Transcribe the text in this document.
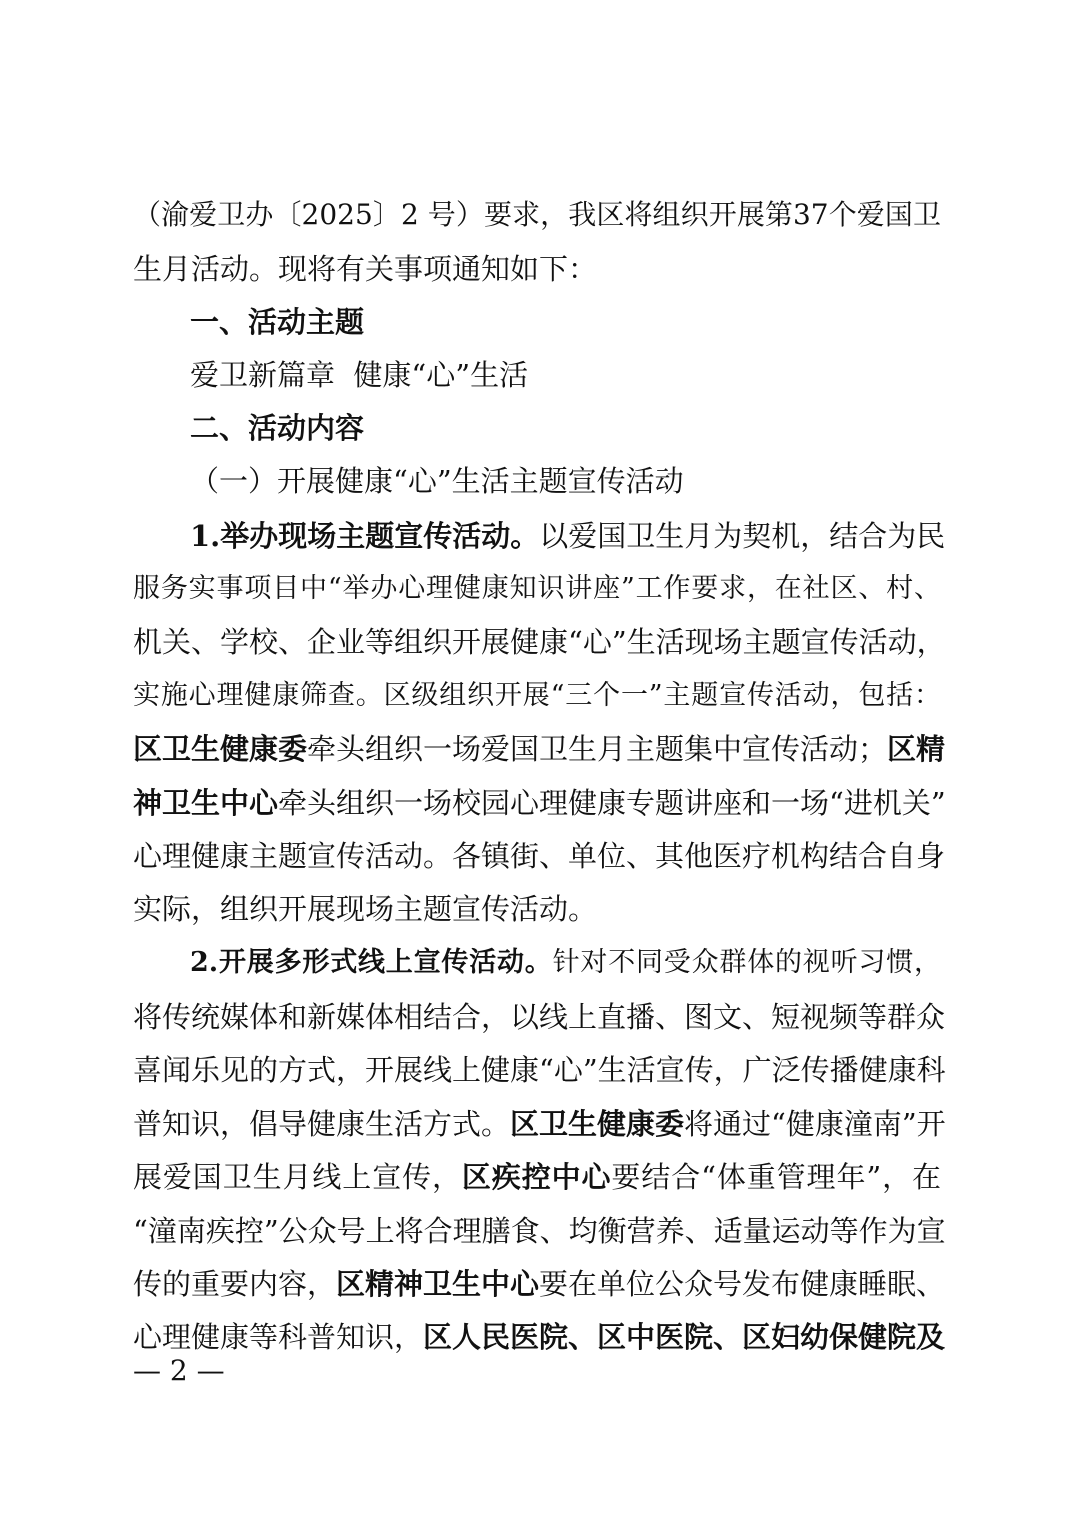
（渝爱卫办〔2025〕2 号）要求，我区将组织开展第37个爱国卫
生月活动。现将有关事项通知如下：
一、活动主题
爱卫新篇章  健康“心”生活
二、活动内容
（一）开展健康“心”生活主题宣传活动
1.举办现场主题宣传活动。以爱国卫生月为契机，结合为民
服务实事项目中“举办心理健康知识讲座”工作要求，在社区、村、
机关、学校、企业等组织开展健康“心”生活现场主题宣传活动，
实施心理健康筛查。区级组织开展“三个一”主题宣传活动，包括：
区卫生健康委牵头组织一场爱国卫生月主题集中宣传活动；区精
神卫生中心牵头组织一场校园心理健康专题讲座和一场“进机关”
心理健康主题宣传活动。各镇街、单位、其他医疗机构结合自身
实际，组织开展现场主题宣传活动。
2.开展多形式线上宣传活动。针对不同受众群体的视听习惯，
将传统媒体和新媒体相结合，以线上直播、图文、短视频等群众
喜闻乐见的方式，开展线上健康“心”生活宣传，广泛传播健康科
普知识，倡导健康生活方式。区卫生健康委将通过“健康潼南”开
展爱国卫生月线上宣传，区疾控中心要结合“体重管理年”，在
“潼南疾控”公众号上将合理膳食、均衡营养、适量运动等作为宣
传的重要内容，区精神卫生中心要在单位公众号发布健康睡眠、
心理健康等科普知识，区人民医院、区中医院、区妇幼保健院及
— 2 —
